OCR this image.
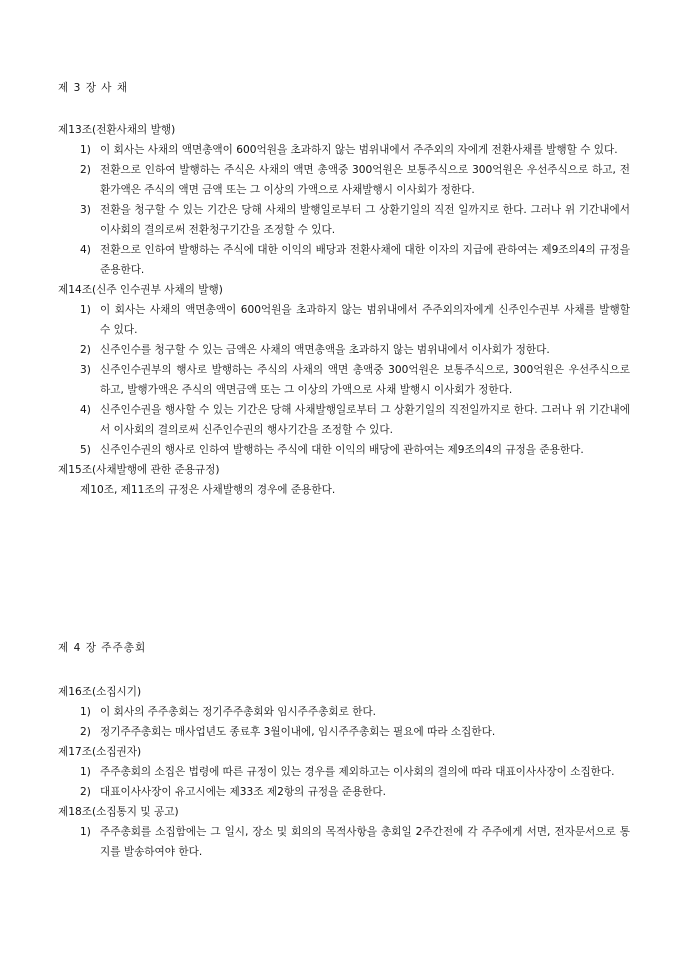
제 3 장 사 채
제13조(전환사채의 발행)
1) 이 회사는 사채의 액면총액이 600억원을 초과하지 않는 범위내에서 주주외의 자에게 전환사채를 발행할 수 있다.
2) 전환으로 인하여 발행하는 주식은 사채의 액면 총액중 300억원은 보통주식으로 300억원은 우선주식으로 하고, 전환가액은 주식의 액면 금액 또는 그 이상의 가액으로 사채발행시 이사회가 정한다.
3) 전환을 청구할 수 있는 기간은 당해 사채의 발행일로부터 그 상환기일의 직전 일까지로 한다. 그러나 위 기간내에서 이사회의 결의로써 전환청구기간을 조정할 수 있다.
4) 전환으로 인하여 발행하는 주식에 대한 이익의 배당과 전환사채에 대한 이자의 지급에 관하여는 제9조의4의 규정을 준용한다.
제14조(신주 인수권부 사채의 발행)
1) 이 회사는 사채의 액면총액이 600억원을 초과하지 않는 범위내에서 주주외의자에게 신주인수권부 사채를 발행할 수 있다.
2) 신주인수를 청구할 수 있는 금액은 사채의 액면총액을 초과하지 않는 범위내에서 이사회가 정한다.
3) 신주인수권부의 행사로 발행하는 주식의 사채의 액면 총액중 300억원은 보통주식으로, 300억원은 우선주식으로 하고, 발행가액은 주식의 액면금액 또는 그 이상의 가액으로 사채 발행시 이사회가 정한다.
4) 신주인수권을 행사할 수 있는 기간은 당해 사채발행일로부터 그 상환기일의 직전일까지로 한다. 그러나 위 기간내에서 이사회의 결의로써 신주인수권의 행사기간을 조정할 수 있다.
5) 신주인수권의 행사로 인하여 발행하는 주식에 대한 이익의 배당에 관하여는 제9조의4의 규정을 준용한다.
제15조(사채발행에 관한 준용규정)
제10조, 제11조의 규정은 사채발행의 경우에 준용한다.
제 4 장 주주총회
제16조(소집시기)
1) 이 회사의 주주총회는 정기주주총회와 임시주주총회로 한다.
2) 정기주주총회는 매사업년도 종료후 3월이내에, 임시주주총회는 필요에 따라 소집한다.
제17조(소집권자)
1) 주주총회의 소집은 법령에 따른 규정이 있는 경우를 제외하고는 이사회의 결의에 따라 대표이사사장이 소집한다.
2) 대표이사사장이 유고시에는 제33조 제2항의 규정을 준용한다.
제18조(소집통지 및 공고)
1) 주주총회를 소집함에는 그 일시, 장소 및 회의의 목적사항을 총회일 2주간전에 각 주주에게 서면, 전자문서으로 통지를 발송하여야 한다.
